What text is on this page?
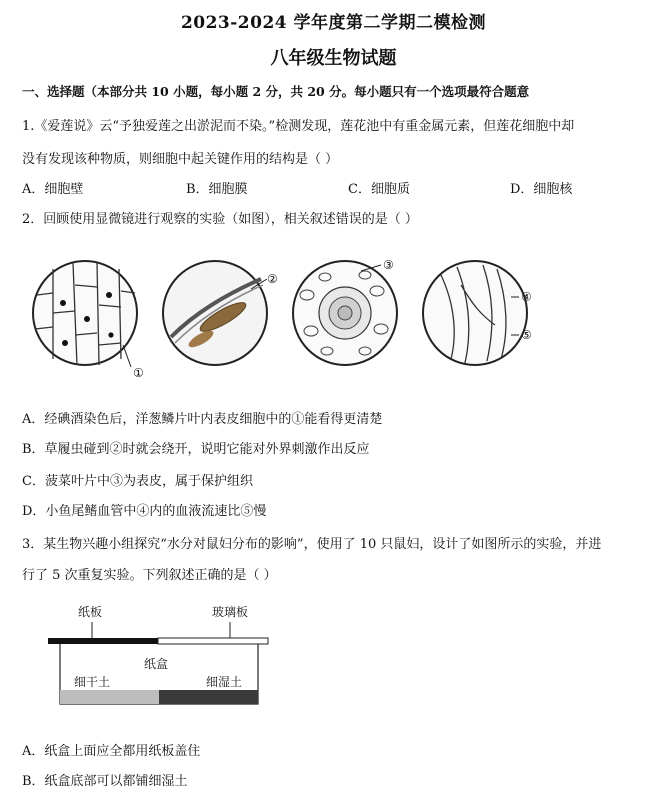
2023-2024 学年度第二学期二模检测
八年级生物试题
一、选择题（本部分共 10 小题，每小题 2 分，共 20 分。每小题只有一个选项最符合题意
1.《爱莲说》云“予独爱莲之出淤泥而不染。”检测发现，莲花池中有重金属元素，但莲花细胞中却
没有发现该种物质，则细胞中起关键作用的结构是（ ）
A．细胞壁	B．细胞膜	C．细胞质	D．细胞核
2．回顾使用显微镜进行观察的实验（如图），相关叙述错误的是（ ）
①
②
③
④
⑤
A．经碘酒染色后，洋葱鳞片叶内表皮细胞中的①能看得更清楚
B．草履虫碰到②时就会绕开，说明它能对外界刺激作出反应
C．菠菜叶片中③为表皮，属于保护组织
D．小鱼尾鳍血管中④内的血液流速比⑤慢
3．某生物兴趣小组探究“水分对鼠妇分布的影响”，使用了 10 只鼠妇，设计了如图所示的实验，并进
行了 5 次重复实验。下列叙述正确的是（ ）
纸板	玻璃板
纸盒
细干土	细湿土
A．纸盒上面应全都用纸板盖住
B．纸盒底部可以都铺细湿土
